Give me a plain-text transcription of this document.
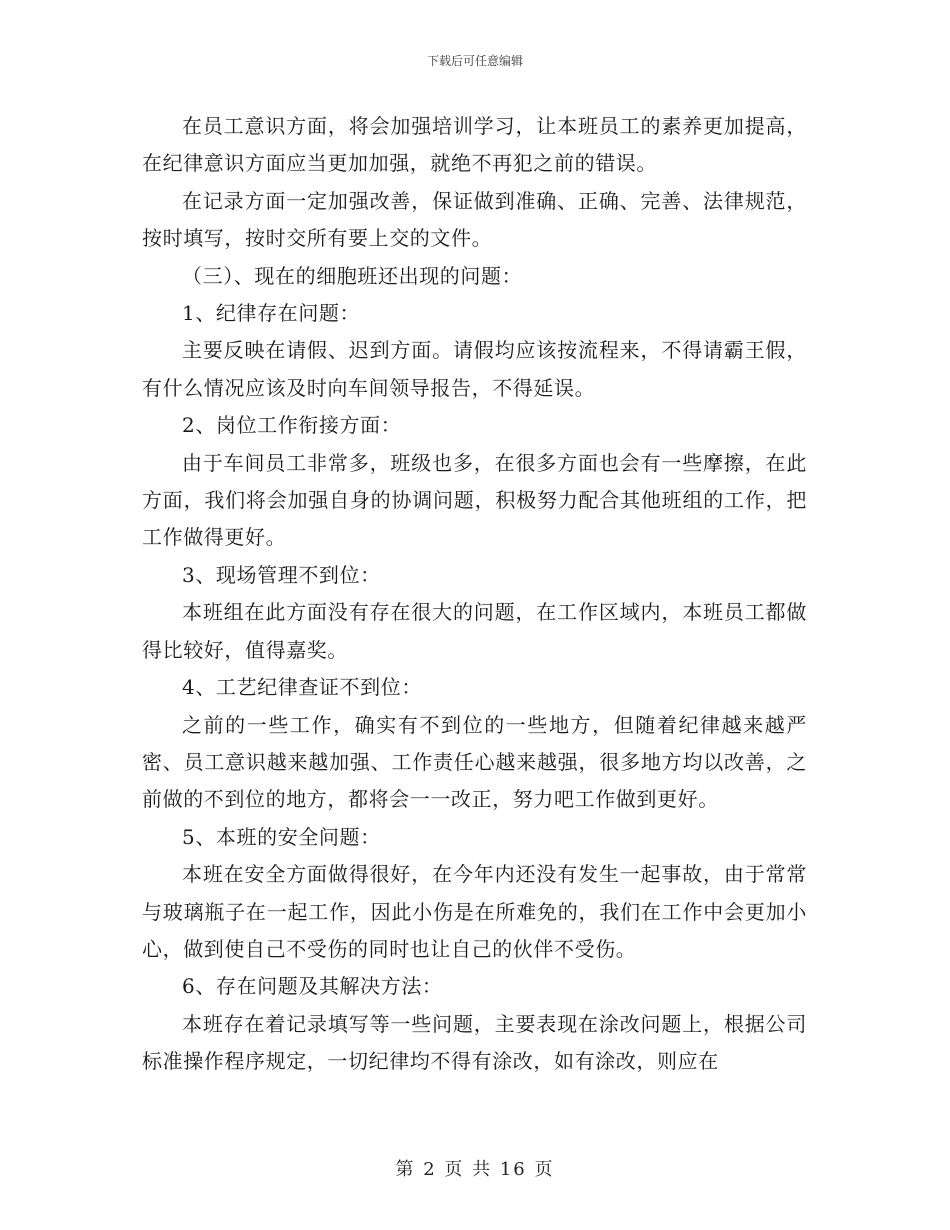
下载后可任意编辑

在员工意识方面，将会加强培训学习，让本班员工的素养更加提高，在纪律意识方面应当更加加强，就绝不再犯之前的错误。

在记录方面一定加强改善，保证做到准确、正确、完善、法律规范，按时填写，按时交所有要上交的文件。

（三）、现在的细胞班还出现的问题：

1、纪律存在问题：

主要反映在请假、迟到方面。请假均应该按流程来，不得请霸王假，有什么情况应该及时向车间领导报告，不得延误。

2、岗位工作衔接方面：

由于车间员工非常多，班级也多，在很多方面也会有一些摩擦，在此方面，我们将会加强自身的协调问题，积极努力配合其他班组的工作，把工作做得更好。

3、现场管理不到位：

本班组在此方面没有存在很大的问题，在工作区域内，本班员工都做得比较好，值得嘉奖。

4、工艺纪律查证不到位：

之前的一些工作，确实有不到位的一些地方，但随着纪律越来越严密、员工意识越来越加强、工作责任心越来越强，很多地方均以改善，之前做的不到位的地方，都将会一一改正，努力吧工作做到更好。

5、本班的安全问题：

本班在安全方面做得很好，在今年内还没有发生一起事故，由于常常与玻璃瓶子在一起工作，因此小伤是在所难免的，我们在工作中会更加小心，做到使自己不受伤的同时也让自己的伙伴不受伤。

6、存在问题及其解决方法：

本班存在着记录填写等一些问题，主要表现在涂改问题上，根据公司标准操作程序规定，一切纪律均不得有涂改，如有涂改，则应在

第 2 页 共 16 页
